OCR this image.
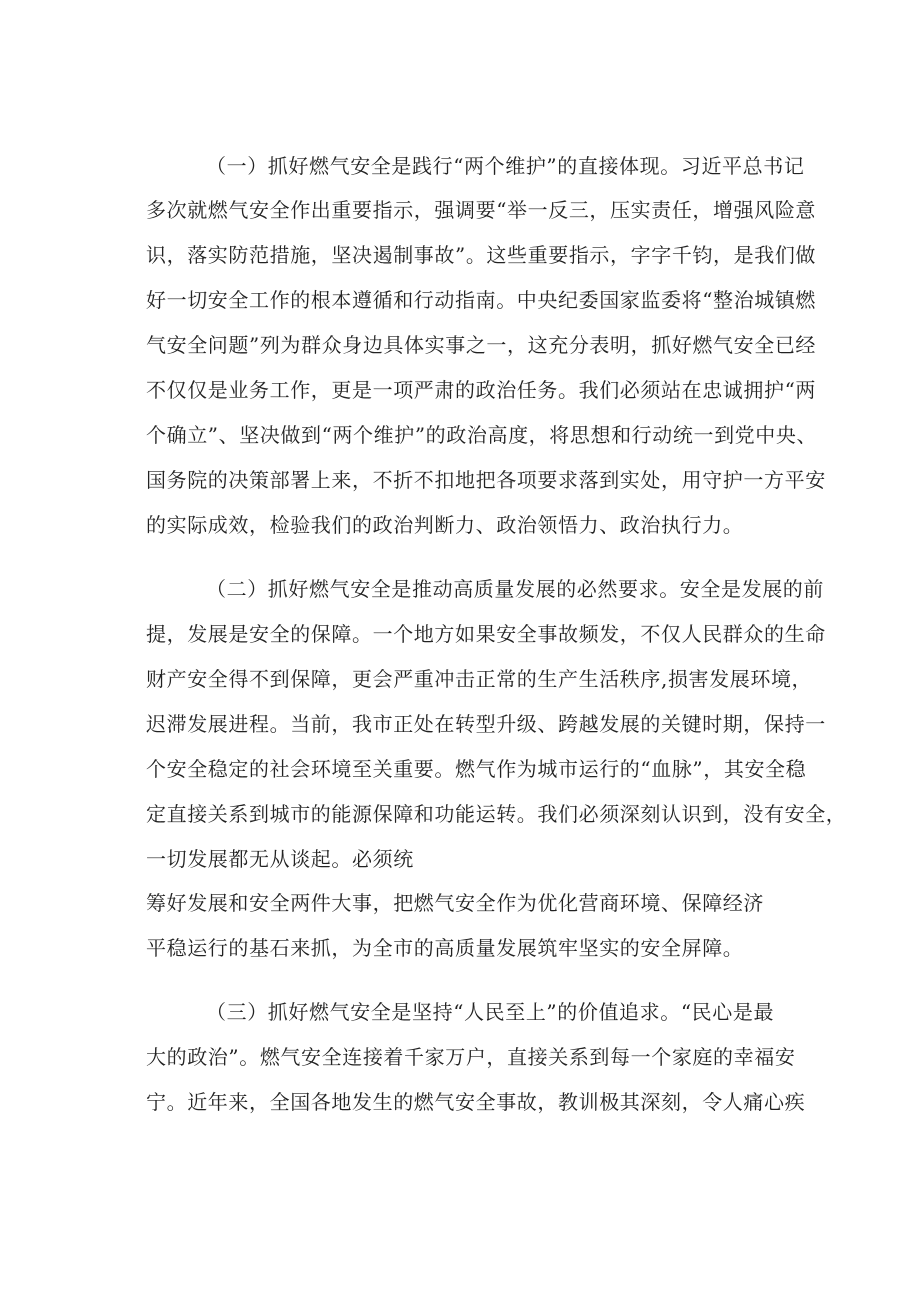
（一）抓好燃气安全是践行“两个维护”的直接体现。习近平总书记

多次就燃气安全作出重要指示，强调要“举一反三，压实责任，增强风险意

识，落实防范措施，坚决遏制事故”。这些重要指示，字字千钧，是我们做

好一切安全工作的根本遵循和行动指南。中央纪委国家监委将“整治城镇燃

气安全问题”列为群众身边具体实事之一，这充分表明，抓好燃气安全已经

不仅仅是业务工作，更是一项严肃的政治任务。我们必须站在忠诚拥护“两

个确立”、坚决做到“两个维护”的政治高度，将思想和行动统一到党中央、

国务院的决策部署上来，不折不扣地把各项要求落到实处，用守护一方平安

的实际成效，检验我们的政治判断力、政治领悟力、政治执行力。

（二）抓好燃气安全是推动高质量发展的必然要求。安全是发展的前

提，发展是安全的保障。一个地方如果安全事故频发，不仅人民群众的生命

财产安全得不到保障，更会严重冲击正常的生产生活秩序,损害发展环境，

迟滞发展进程。当前，我市正处在转型升级、跨越发展的关键时期，保持一

个安全稳定的社会环境至关重要。燃气作为城市运行的“血脉”，其安全稳

定直接关系到城市的能源保障和功能运转。我们必须深刻认识到，没有安全，

一切发展都无从谈起。必须统

筹好发展和安全两件大事，把燃气安全作为优化营商环境、保障经济

平稳运行的基石来抓，为全市的高质量发展筑牢坚实的安全屏障。

（三）抓好燃气安全是坚持“人民至上”的价值追求。“民心是最

大的政治”。燃气安全连接着千家万户，直接关系到每一个家庭的幸福安

宁。近年来，全国各地发生的燃气安全事故，教训极其深刻，令人痛心疾
